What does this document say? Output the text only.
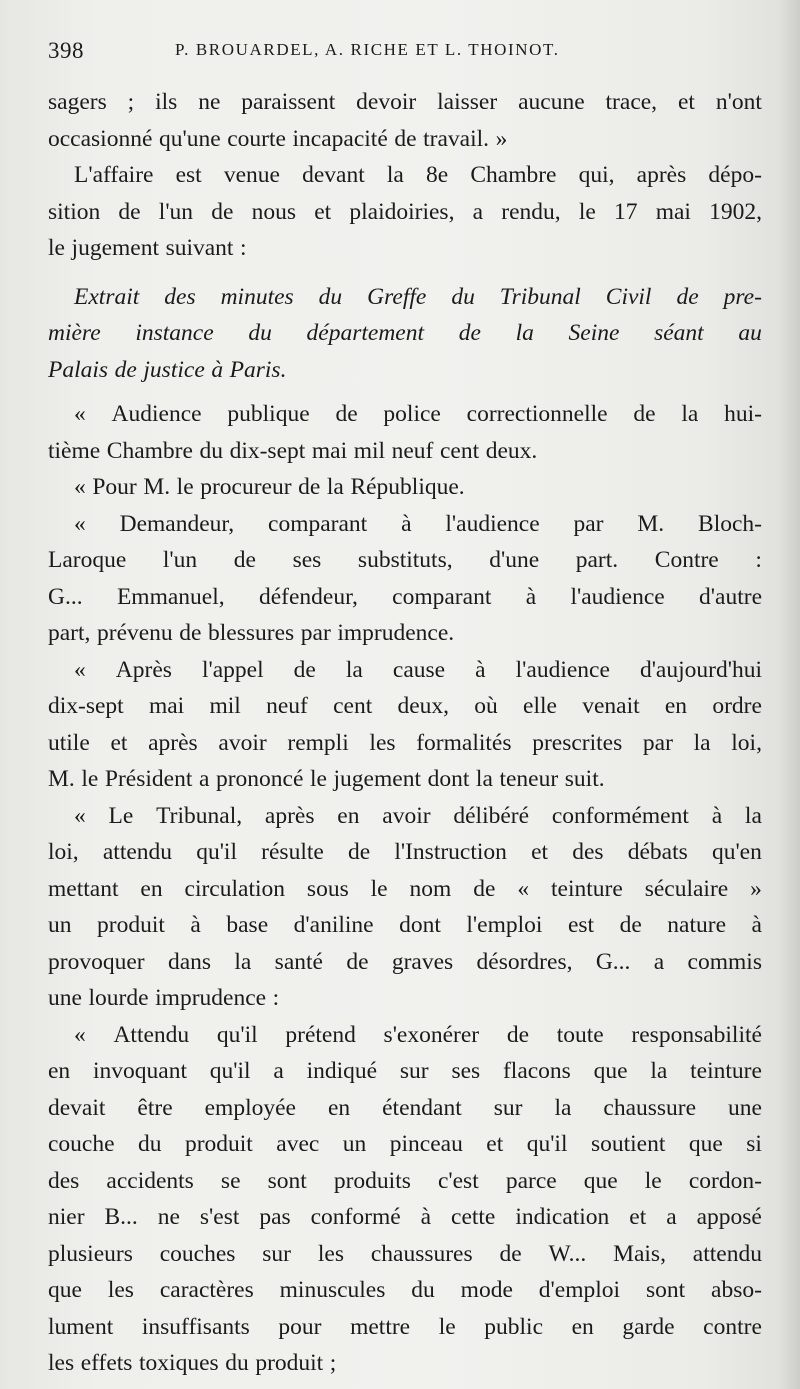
398	P. BROUARDEL, A. RICHE ET L. THOINOT.
sagers ; ils ne paraissent devoir laisser aucune trace, et n'ont
occasionné qu'une courte incapacité de travail. »
L'affaire est venue devant la 8e Chambre qui, après dépo-
sition de l'un de nous et plaidoiries, a rendu, le 17 mai 1902,
le jugement suivant :
Extrait des minutes du Greffe du Tribunal Civil de pre-
mière instance du département de la Seine séant au
Palais de justice à Paris.
« Audience publique de police correctionnelle de la hui-
tième Chambre du dix-sept mai mil neuf cent deux.
« Pour M. le procureur de la République.
« Demandeur, comparant à l'audience par M. Bloch-
Laroque l'un de ses substituts, d'une part. Contre :
G... Emmanuel, défendeur, comparant à l'audience d'autre
part, prévenu de blessures par imprudence.
« Après l'appel de la cause à l'audience d'aujourd'hui
dix-sept mai mil neuf cent deux, où elle venait en ordre
utile et après avoir rempli les formalités prescrites par la loi,
M. le Président a prononcé le jugement dont la teneur suit.
« Le Tribunal, après en avoir délibéré conformément à la
loi, attendu qu'il résulte de l'Instruction et des débats qu'en
mettant en circulation sous le nom de « teinture séculaire »
un produit à base d'aniline dont l'emploi est de nature à
provoquer dans la santé de graves désordres, G... a commis
une lourde imprudence :
« Attendu qu'il prétend s'exonérer de toute responsabilité
en invoquant qu'il a indiqué sur ses flacons que la teinture
devait être employée en étendant sur la chaussure une
couche du produit avec un pinceau et qu'il soutient que si
des accidents se sont produits c'est parce que le cordon-
nier B... ne s'est pas conformé à cette indication et a apposé
plusieurs couches sur les chaussures de W... Mais, attendu
que les caractères minuscules du mode d'emploi sont abso-
lument insuffisants pour mettre le public en garde contre
les effets toxiques du produit ;
